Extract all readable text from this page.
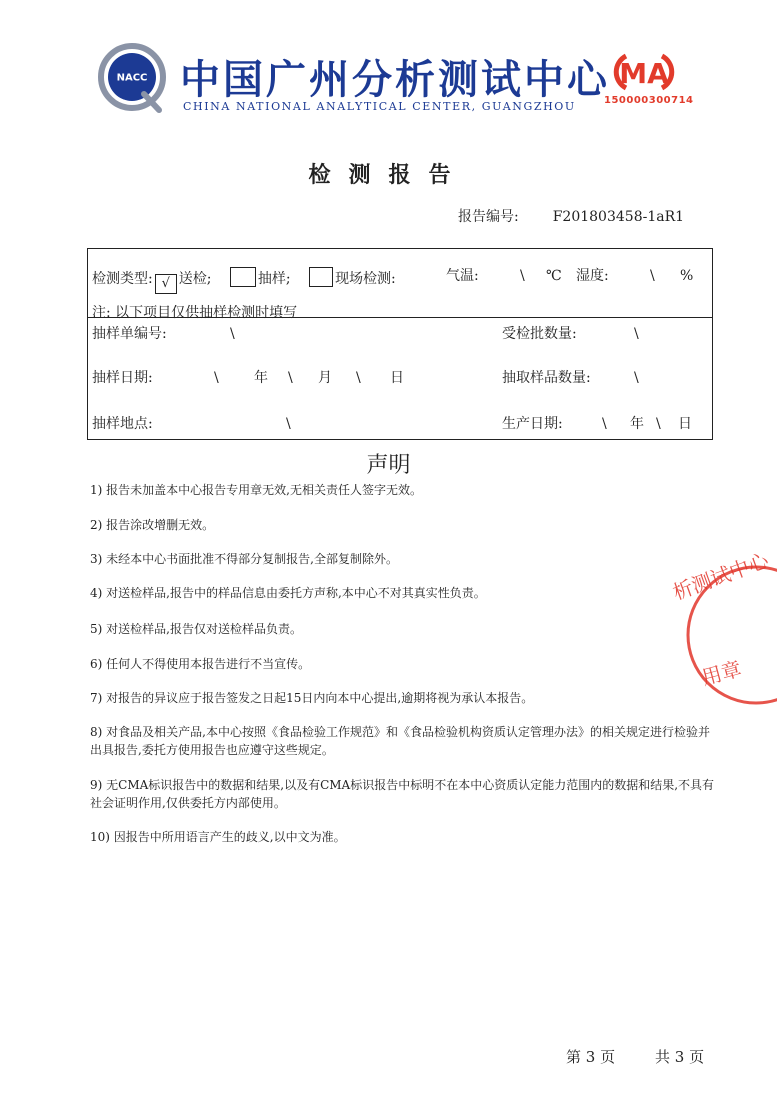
NACC 中国广州分析测试中心
CHINA NATIONAL ANALYTICAL CENTER, GUANGZHOU
MA
150000300714
检测报告
报告编号: F201803458-1aR1
检测类型: √ 送检;	抽样;	现场检测:	气温:	\ ℃ 湿度:	\ %
注: 以下项目仅供抽样检测时填写
抽样单编号:	\	受检批数量:	\
抽样日期:	\	年 \ 月 \ 日	抽取样品数量:	\
抽样地点:	\	生产日期:	\ 年 \ 日
声明
1) 报告未加盖本中心报告专用章无效,无相关责任人签字无效。
2) 报告涂改增删无效。
3) 未经本中心书面批准不得部分复制报告,全部复制除外。
4) 对送检样品,报告中的样品信息由委托方声称,本中心不对其真实性负责。
5) 对送检样品,报告仅对送检样品负责。
6) 任何人不得使用本报告进行不当宣传。
7) 对报告的异议应于报告签发之日起15日内向本中心提出,逾期将视为承认本报告。
8) 对食品及相关产品,本中心按照《食品检验工作规范》和《食品检验机构资质认定管理办法》的相关规定进行检验并出具报告,委托方使用报告也应遵守这些规定。
9) 无CMA标识报告中的数据和结果,以及有CMA标识报告中标明不在本中心资质认定能力范围内的数据和结果,不具有社会证明作用,仅供委托方内部使用。
10) 因报告中所用语言产生的歧义,以中文为准。
析测试中心
用章
第 3 页	共 3 页
